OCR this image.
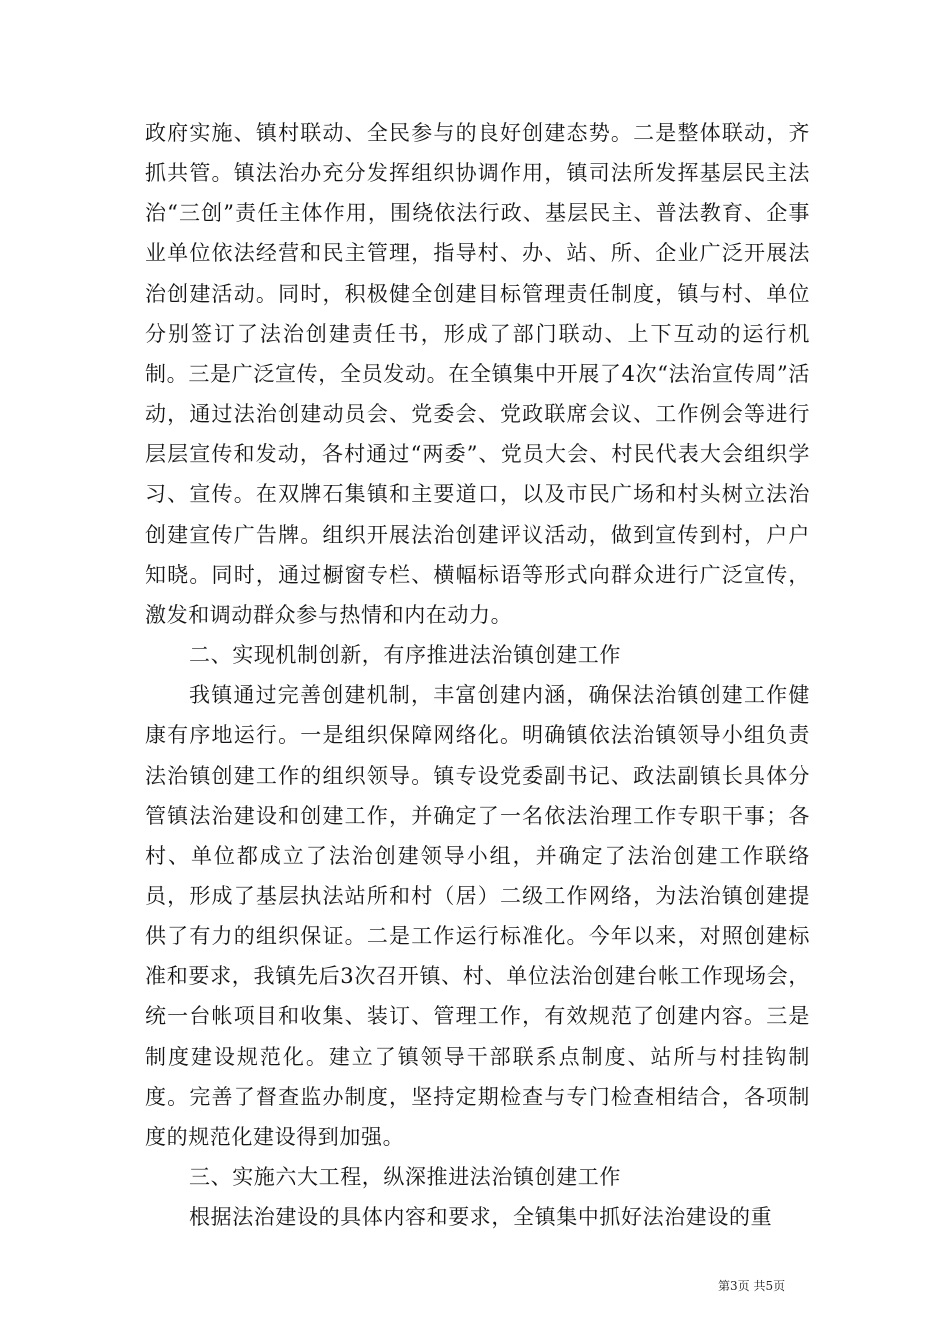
政府实施、镇村联动、全民参与的良好创建态势。二是整体联动，齐抓共管。镇法治办充分发挥组织协调作用，镇司法所发挥基层民主法治“三创”责任主体作用，围绕依法行政、基层民主、普法教育、企事业单位依法经营和民主管理，指导村、办、站、所、企业广泛开展法治创建活动。同时，积极健全创建目标管理责任制度，镇与村、单位分别签订了法治创建责任书，形成了部门联动、上下互动的运行机制。三是广泛宣传，全员发动。在全镇集中开展了4次“法治宣传周”活动，通过法治创建动员会、党委会、党政联席会议、工作例会等进行层层宣传和发动，各村通过“两委”、党员大会、村民代表大会组织学习、宣传。在双牌石集镇和主要道口，以及市民广场和村头树立法治创建宣传广告牌。组织开展法治创建评议活动，做到宣传到村，户户知晓。同时，通过橱窗专栏、横幅标语等形式向群众进行广泛宣传，激发和调动群众参与热情和内在动力。

二、实现机制创新，有序推进法治镇创建工作

我镇通过完善创建机制，丰富创建内涵，确保法治镇创建工作健康有序地运行。一是组织保障网络化。明确镇依法治镇领导小组负责法治镇创建工作的组织领导。镇专设党委副书记、政法副镇长具体分管镇法治建设和创建工作，并确定了一名依法治理工作专职干事；各村、单位都成立了法治创建领导小组，并确定了法治创建工作联络员，形成了基层执法站所和村（居）二级工作网络，为法治镇创建提供了有力的组织保证。二是工作运行标准化。今年以来，对照创建标准和要求，我镇先后3次召开镇、村、单位法治创建台帐工作现场会，统一台帐项目和收集、装订、管理工作，有效规范了创建内容。三是制度建设规范化。建立了镇领导干部联系点制度、站所与村挂钩制度。完善了督查监办制度，坚持定期检查与专门检查相结合，各项制度的规范化建设得到加强。

三、实施六大工程，纵深推进法治镇创建工作

根据法治建设的具体内容和要求，全镇集中抓好法治建设的重

第3页 共5页
